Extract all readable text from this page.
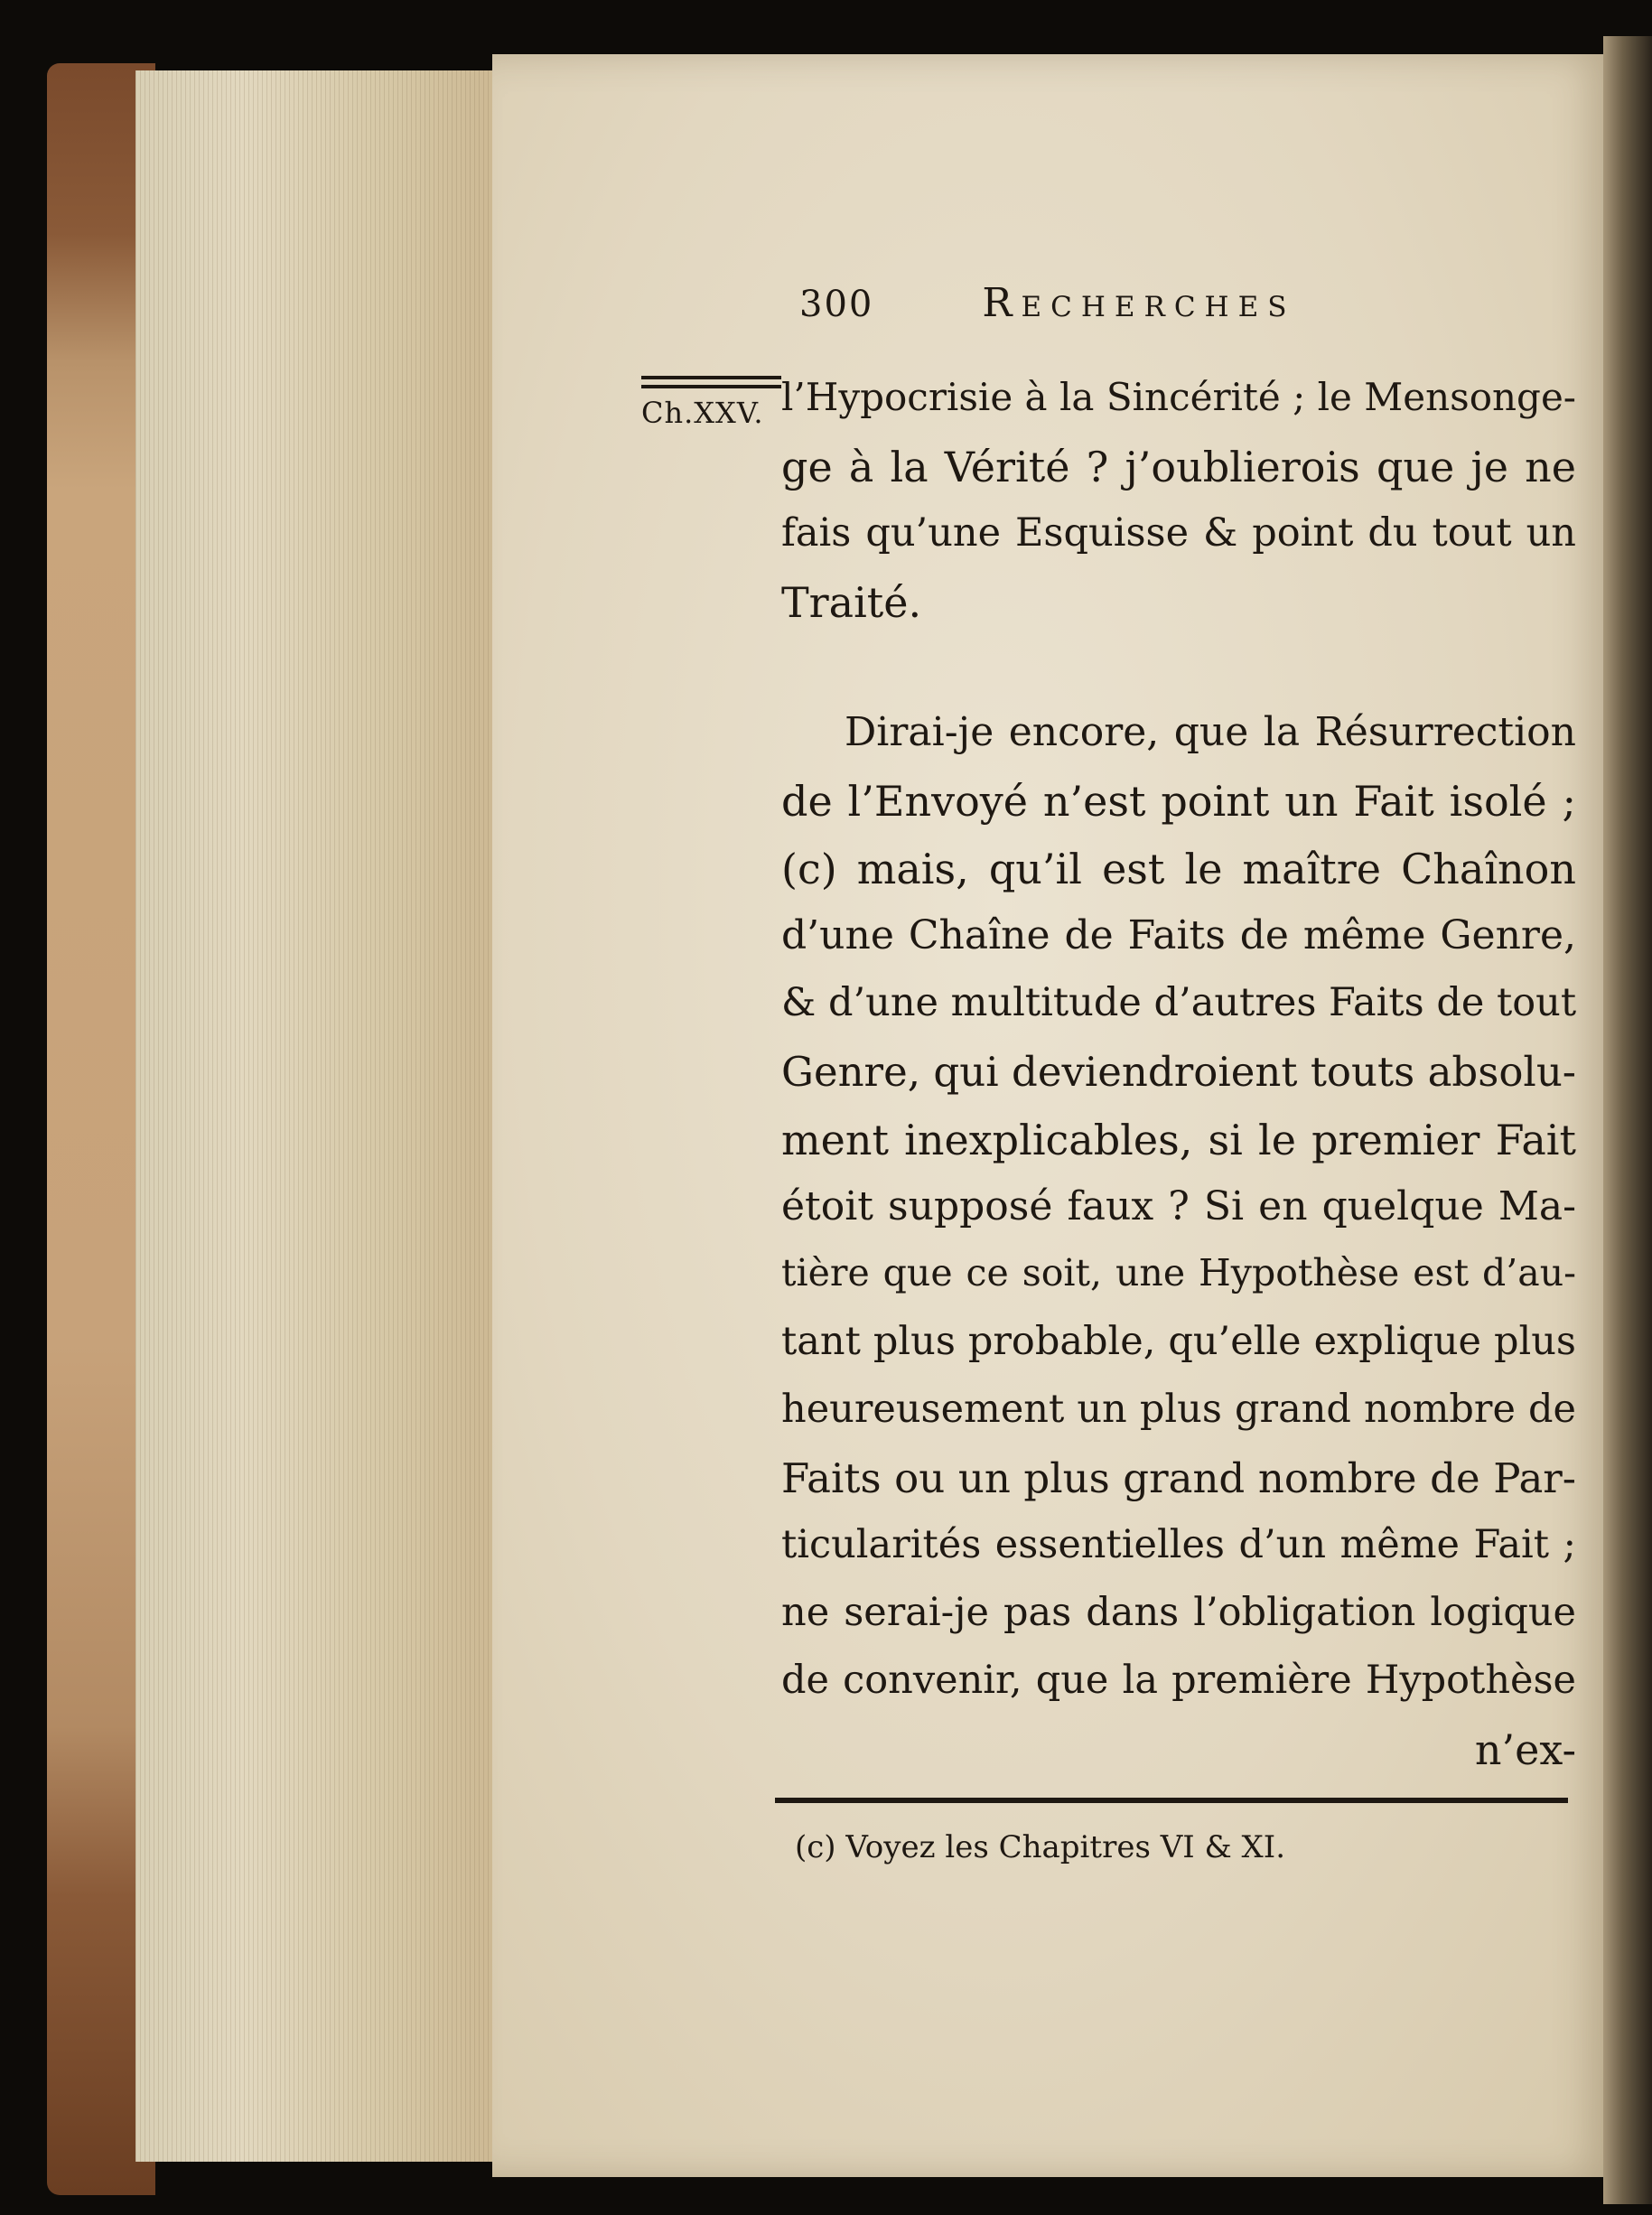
300	Recherches
Ch.XXV. l’Hypocrisie à la Sincérité ; le Mensonge-
ge à la Vérité ? j’oublierois que je ne
fais qu’une Esquisse & point du tout un
Traité.
Dirai-je encore, que la Résurrection
de l’Envoyé n’est point un Fait isolé ;
(c) mais, qu’il est le maître Chaînon
d’une Chaîne de Faits de même Genre,
& d’une multitude d’autres Faits de tout
Genre, qui deviendroient touts absolu-
ment inexplicables, si le premier Fait
étoit supposé faux ? Si en quelque Ma-
tière que ce soit, une Hypothèse est d’au-
tant plus probable, qu’elle explique plus
heureusement un plus grand nombre de
Faits ou un plus grand nombre de Par-
ticularités essentielles d’un même Fait ;
ne serai-je pas dans l’obligation logique
de convenir, que la première Hypothèse
n’ex-
(c) Voyez les Chapitres VI & XI.
